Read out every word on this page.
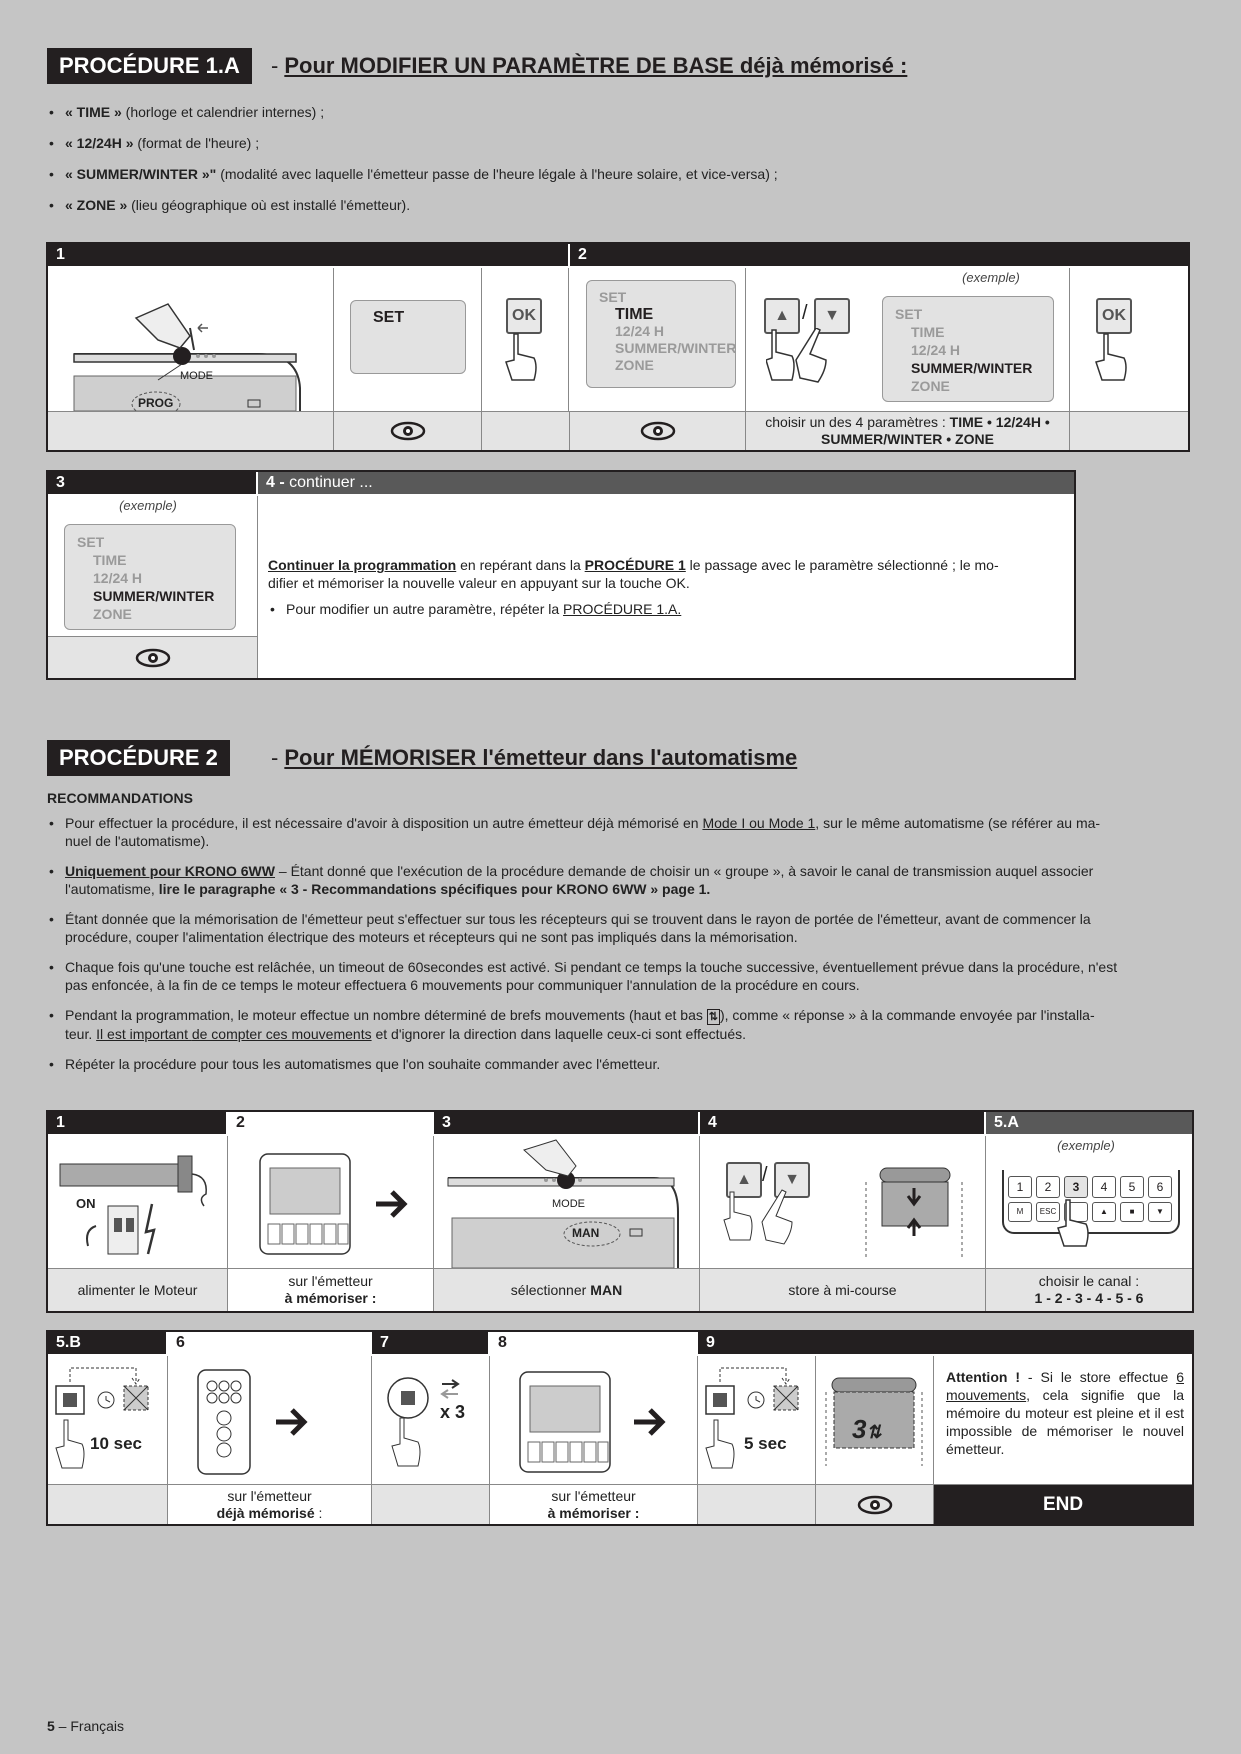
PROCÉDURE 1.A	- Pour MODIFIER UN PARAMÈTRE DE BASE déjà mémorisé :
• « TIME » (horloge et calendrier internes) ;
• « 12/24H » (format de l'heure) ;
• « SUMMER/WINTER »" (modalité avec laquelle l'émetteur passe de l'heure légale à l'heure solaire, et vice-versa) ;
• « ZONE » (lieu géographique où est installé l'émetteur).
1	2
MODE
PROG
SET	OK
SET
TIME
12/24 H
SUMMER/WINTER
ZONE
(exemple)
▲ /	▼	SET
TIME
12/24 H
SUMMER/WINTER
ZONE
OK
choisir un des 4 paramètres : TIME • 12/24H •
SUMMER/WINTER • ZONE
3	4 - continuer ...
(exemple)
SET
TIME
12/24 H
SUMMER/WINTER
ZONE
Continuer la programmation en repérant dans la PROCÉDURE 1 le passage avec le paramètre sélectionné ; le mo-
difier et mémoriser la nouvelle valeur en appuyant sur la touche OK.
• Pour modifier un autre paramètre, répéter la PROCÉDURE 1.A.
PROCÉDURE 2	- Pour MÉMORISER l'émetteur dans l'automatisme
RECOMMANDATIONS
• Pour effectuer la procédure, il est nécessaire d'avoir à disposition un autre émetteur déjà mémorisé en Mode I ou Mode 1, sur le même automatisme (se référer au ma-
nuel de l'automatisme).
• Uniquement pour KRONO 6WW – Étant donné que l'exécution de la procédure demande de choisir un « groupe », à savoir le canal de transmission auquel associer
l'automatisme, lire le paragraphe « 3 - Recommandations spécifiques pour KRONO 6WW » page 1.
• Étant donnée que la mémorisation de l'émetteur peut s'effectuer sur tous les récepteurs qui se trouvent dans le rayon de portée de l'émetteur, avant de commencer la
procédure, couper l'alimentation électrique des moteurs et récepteurs qui ne sont pas impliqués dans la mémorisation.
• Chaque fois qu'une touche est relâchée, un timeout de 60secondes est activé. Si pendant ce temps la touche successive, éventuellement prévue dans la procédure, n'est
pas enfoncée, à la fin de ce temps le moteur effectuera 6 mouvements pour communiquer l'annulation de la procédure en cours.
• Pendant la programmation, le moteur effectue un nombre déterminé de brefs mouvements (haut et bas ⇅ ), comme « réponse » à la commande envoyée par l'installa-
teur. Il est important de compter ces mouvements et d'ignorer la direction dans laquelle ceux-ci sont effectués.
• Répéter la procédure pour tous les automatismes que l'on souhaite commander avec l'émetteur.
1	2	3	4	5.A
ON	MODE
MAN
▲ /	▼
(exemple)
1	2	3	4	5	6
M	ESC	▲	■	▼
alimenter le Moteur
sur l'émetteur
à mémoriser :
sélectionner MAN	store à mi-course
choisir le canal :
1 - 2 - 3 - 4 - 5 - 6
5.B	6	7	8	9
10 sec
x 3
5 sec	3⇅
Attention ! - Si le store effectue 6 mouvements, cela signifie que la mémoire du moteur est pleine et il est impossible de mémoriser le nouvel émetteur.
sur l'émetteur
déjà mémorisé :
sur l'émetteur
à mémoriser :	END
5 – Français
